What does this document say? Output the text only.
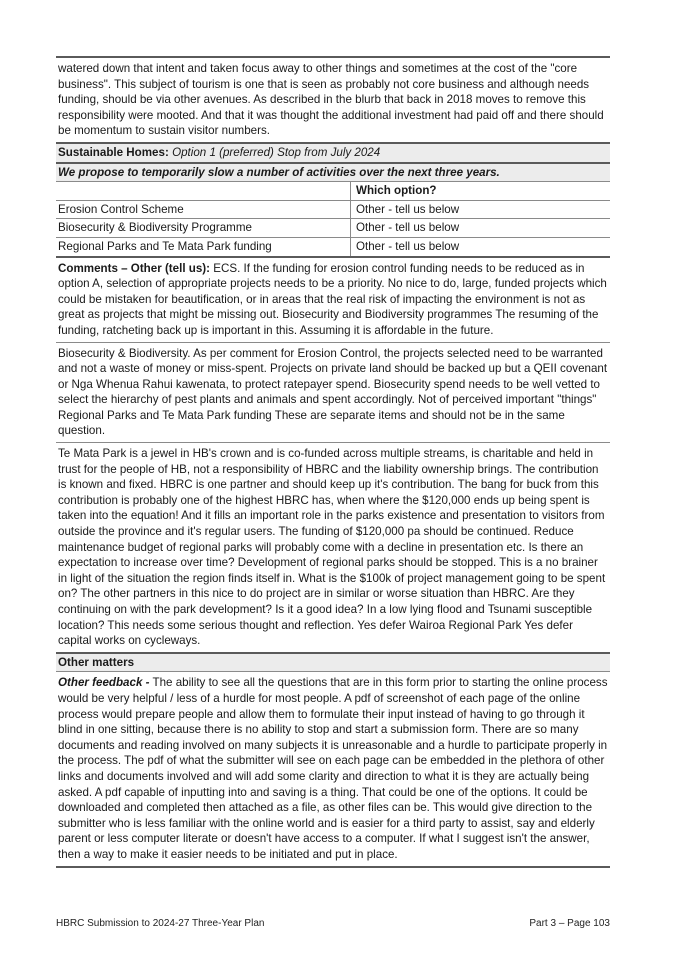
watered down that intent and taken focus away to other things and sometimes at the cost of the "core business". This subject of tourism is one that is seen as probably not core business and although needs funding, should be via other avenues. As described in the blurb that back in 2018 moves to remove this responsibility were mooted. And that it was thought the additional investment had paid off and there should be momentum to sustain visitor numbers.

Sustainable Homes: Option 1 (preferred) Stop from July 2024
We propose to temporarily slow a number of activities over the next three years.
	Which option?
Erosion Control Scheme	Other - tell us below
Biosecurity & Biodiversity Programme	Other - tell us below
Regional Parks and Te Mata Park funding	Other - tell us below

Comments – Other (tell us): ECS. If the funding for erosion control funding needs to be reduced as in option A, selection of appropriate projects needs to be a priority. No nice to do, large, funded projects which could be mistaken for beautification, or in areas that the real risk of impacting the environment is not as great as projects that might be missing out. Biosecurity and Biodiversity programmes The resuming of the funding, ratcheting back up is important in this. Assuming it is affordable in the future.

Biosecurity & Biodiversity. As per comment for Erosion Control, the projects selected need to be warranted and not a waste of money or miss-spent. Projects on private land should be backed up but a QEII covenant or Nga Whenua Rahui kawenata, to protect ratepayer spend. Biosecurity spend needs to be well vetted to select the hierarchy of pest plants and animals and spent accordingly. Not of perceived important "things" Regional Parks and Te Mata Park funding These are separate items and should not be in the same question.

Te Mata Park is a jewel in HB's crown and is co-funded across multiple streams, is charitable and held in trust for the people of HB, not a responsibility of HBRC and the liability ownership brings. The contribution is known and fixed. HBRC is one partner and should keep up it's contribution. The bang for buck from this contribution is probably one of the highest HBRC has, when where the $120,000 ends up being spent is taken into the equation! And it fills an important role in the parks existence and presentation to visitors from outside the province and it's regular users. The funding of $120,000 pa should be continued. Reduce maintenance budget of regional parks will probably come with a decline in presentation etc. Is there an expectation to increase over time? Development of regional parks should be stopped. This is a no brainer in light of the situation the region finds itself in. What is the $100k of project management going to be spent on? The other partners in this nice to do project are in similar or worse situation than HBRC. Are they continuing on with the park development? Is it a good idea? In a low lying flood and Tsunami susceptible location? This needs some serious thought and reflection. Yes defer Wairoa Regional Park Yes defer capital works on cycleways.

Other matters

Other feedback - The ability to see all the questions that are in this form prior to starting the online process would be very helpful / less of a hurdle for most people. A pdf of screenshot of each page of the online process would prepare people and allow them to formulate their input instead of having to go through it blind in one sitting, because there is no ability to stop and start a submission form. There are so many documents and reading involved on many subjects it is unreasonable and a hurdle to participate properly in the process. The pdf of what the submitter will see on each page can be embedded in the plethora of other links and documents involved and will add some clarity and direction to what it is they are actually being asked. A pdf capable of inputting into and saving is a thing. That could be one of the options. It could be downloaded and completed then attached as a file, as other files can be. This would give direction to the submitter who is less familiar with the online world and is easier for a third party to assist, say and elderly parent or less computer literate or doesn't have access to a computer. If what I suggest isn't the answer, then a way to make it easier needs to be initiated and put in place.

HBRC Submission to 2024-27 Three-Year Plan	Part 3 – Page 103
